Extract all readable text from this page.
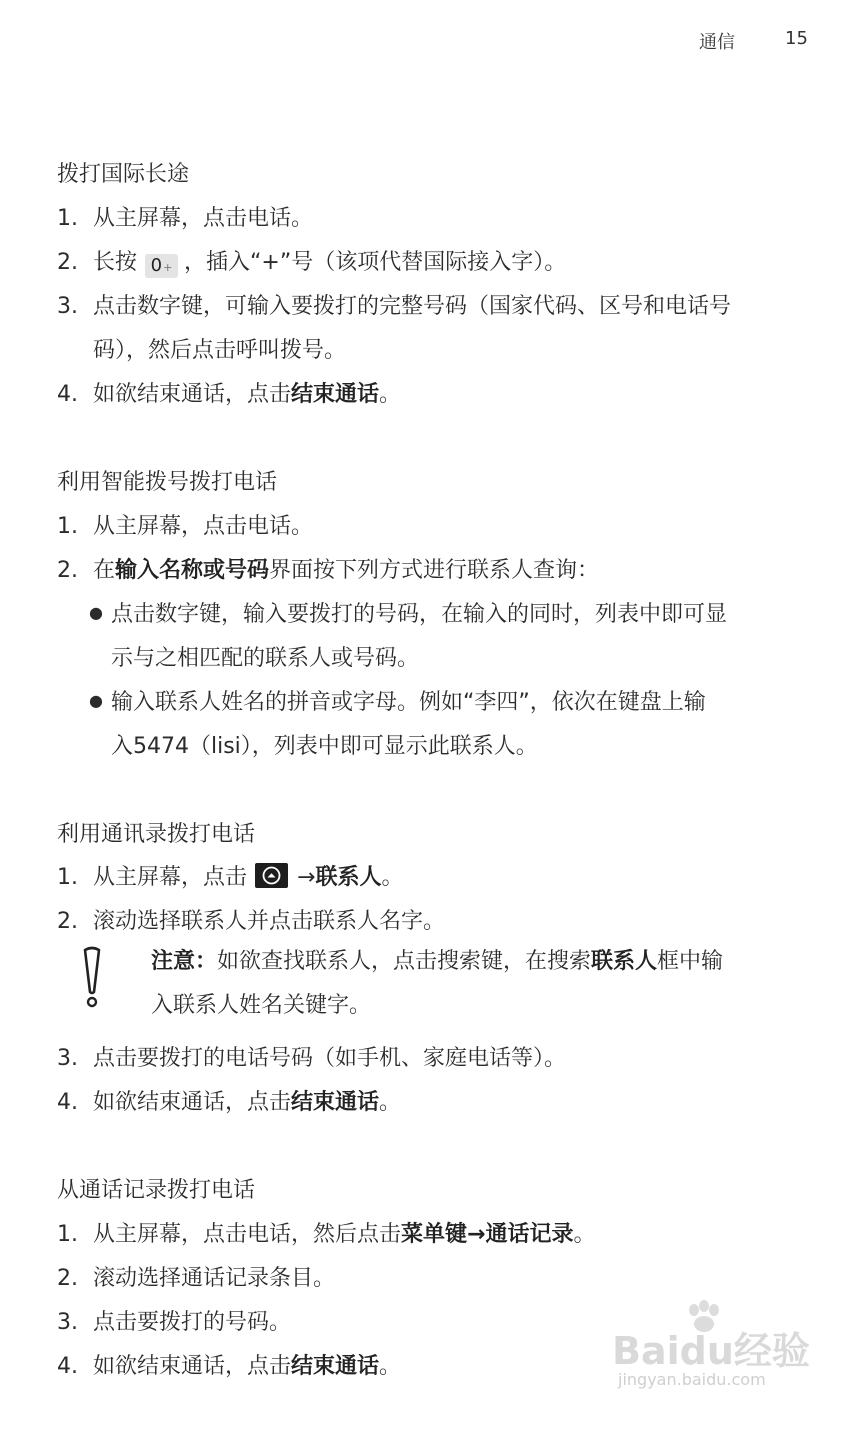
通信	15
拨打国际长途
1. 从主屏幕，点击电话。
2. 长按 0+ ，插入“+”号（该项代替国际接入字）。
3. 点击数字键，可输入要拨打的完整号码（国家代码、区号和电话号
码），然后点击呼叫拨号。
4. 如欲结束通话，点击结束通话。
利用智能拨号拨打电话
1. 从主屏幕，点击电话。
2. 在输入名称或号码界面按下列方式进行联系人查询：
● 点击数字键，输入要拨打的号码，在输入的同时，列表中即可显
示与之相匹配的联系人或号码。
● 输入联系人姓名的拼音或字母。例如“李四”，依次在键盘上输
入5474（lisi），列表中即可显示此联系人。
利用通讯录拨打电话
1. 从主屏幕，点击 →联系人。
2. 滚动选择联系人并点击联系人名字。
注意：如欲查找联系人，点击搜索键，在搜索联系人框中输
入联系人姓名关键字。
3. 点击要拨打的电话号码（如手机、家庭电话等）。
4. 如欲结束通话，点击结束通话。
从通话记录拨打电话
1. 从主屏幕，点击电话，然后点击菜单键→通话记录。
2. 滚动选择通话记录条目。
3. 点击要拨打的号码。
4. 如欲结束通话，点击结束通话。	Baidu经验
jingyan.baidu.com
